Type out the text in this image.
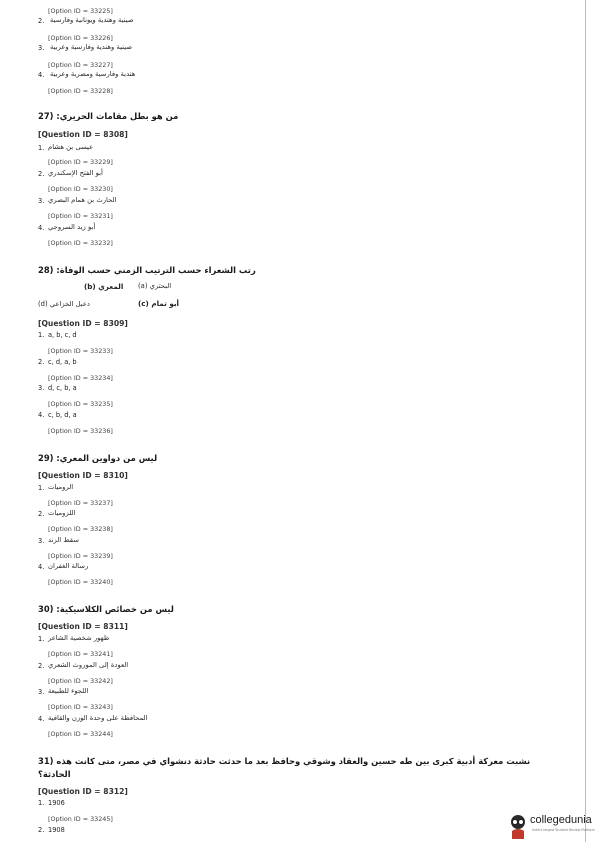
[Option ID = 33225]
2. صينية وهندية ويونانية وفارسية
[Option ID = 33226]
3. صينية وهندية وفارسية وعربية
[Option ID = 33227]
4. هندية وفارسية ومصرية وعربية
[Option ID = 33228]
من هو بطل مقامات الحريري: (27
[Question ID = 8308]
1. عيسى بن هشام
[Option ID = 33229]
2. أبو الفتح الإسكندري
[Option ID = 33230]
3. الحارث بن همام البصري
[Option ID = 33231]
4. أبو زيد السروجي
[Option ID = 33232]
رتب الشعراء حسب الترتيب الزمني حسب الوفاة: (28
(b) المعري (a) البحتري
(d) دعبل الخزاعي	(c) أبو تمام
[Question ID = 8309]
1. a, b, c, d
[Option ID = 33233]
2. c, d, a, b
[Option ID = 33234]
3. d, c, b, a
[Option ID = 33235]
4. c, b, d, a
[Option ID = 33236]
ليس من دواوين المعري: (29
[Question ID = 8310]
1. الروميات
[Option ID = 33237]
2. اللزوميات
[Option ID = 33238]
3. سقط الزند
[Option ID = 33239]
4. رسالة الغفران
[Option ID = 33240]
ليس من خصائص الكلاسيكية: (30
[Question ID = 8311]
1. ظهور شخصية الشاعر
[Option ID = 33241]
2. العودة إلى الموروث الشعري
[Option ID = 33242]
3. اللجوء للطبيعة
[Option ID = 33243]
4. المحافظة على وحدة الوزن والقافية
[Option ID = 33244]
نشبت معركة أدبية كبرى بين طه حسين والعقاد وشوقي وحافظ بعد ما حدثت حادثة دنشواي في مصر، متى كانت هذه (31
الحادثة؟
[Question ID = 8312]
1. 1906
[Option ID = 33245]
2. 1908
collegedunia
India's largest Student Review Platform
